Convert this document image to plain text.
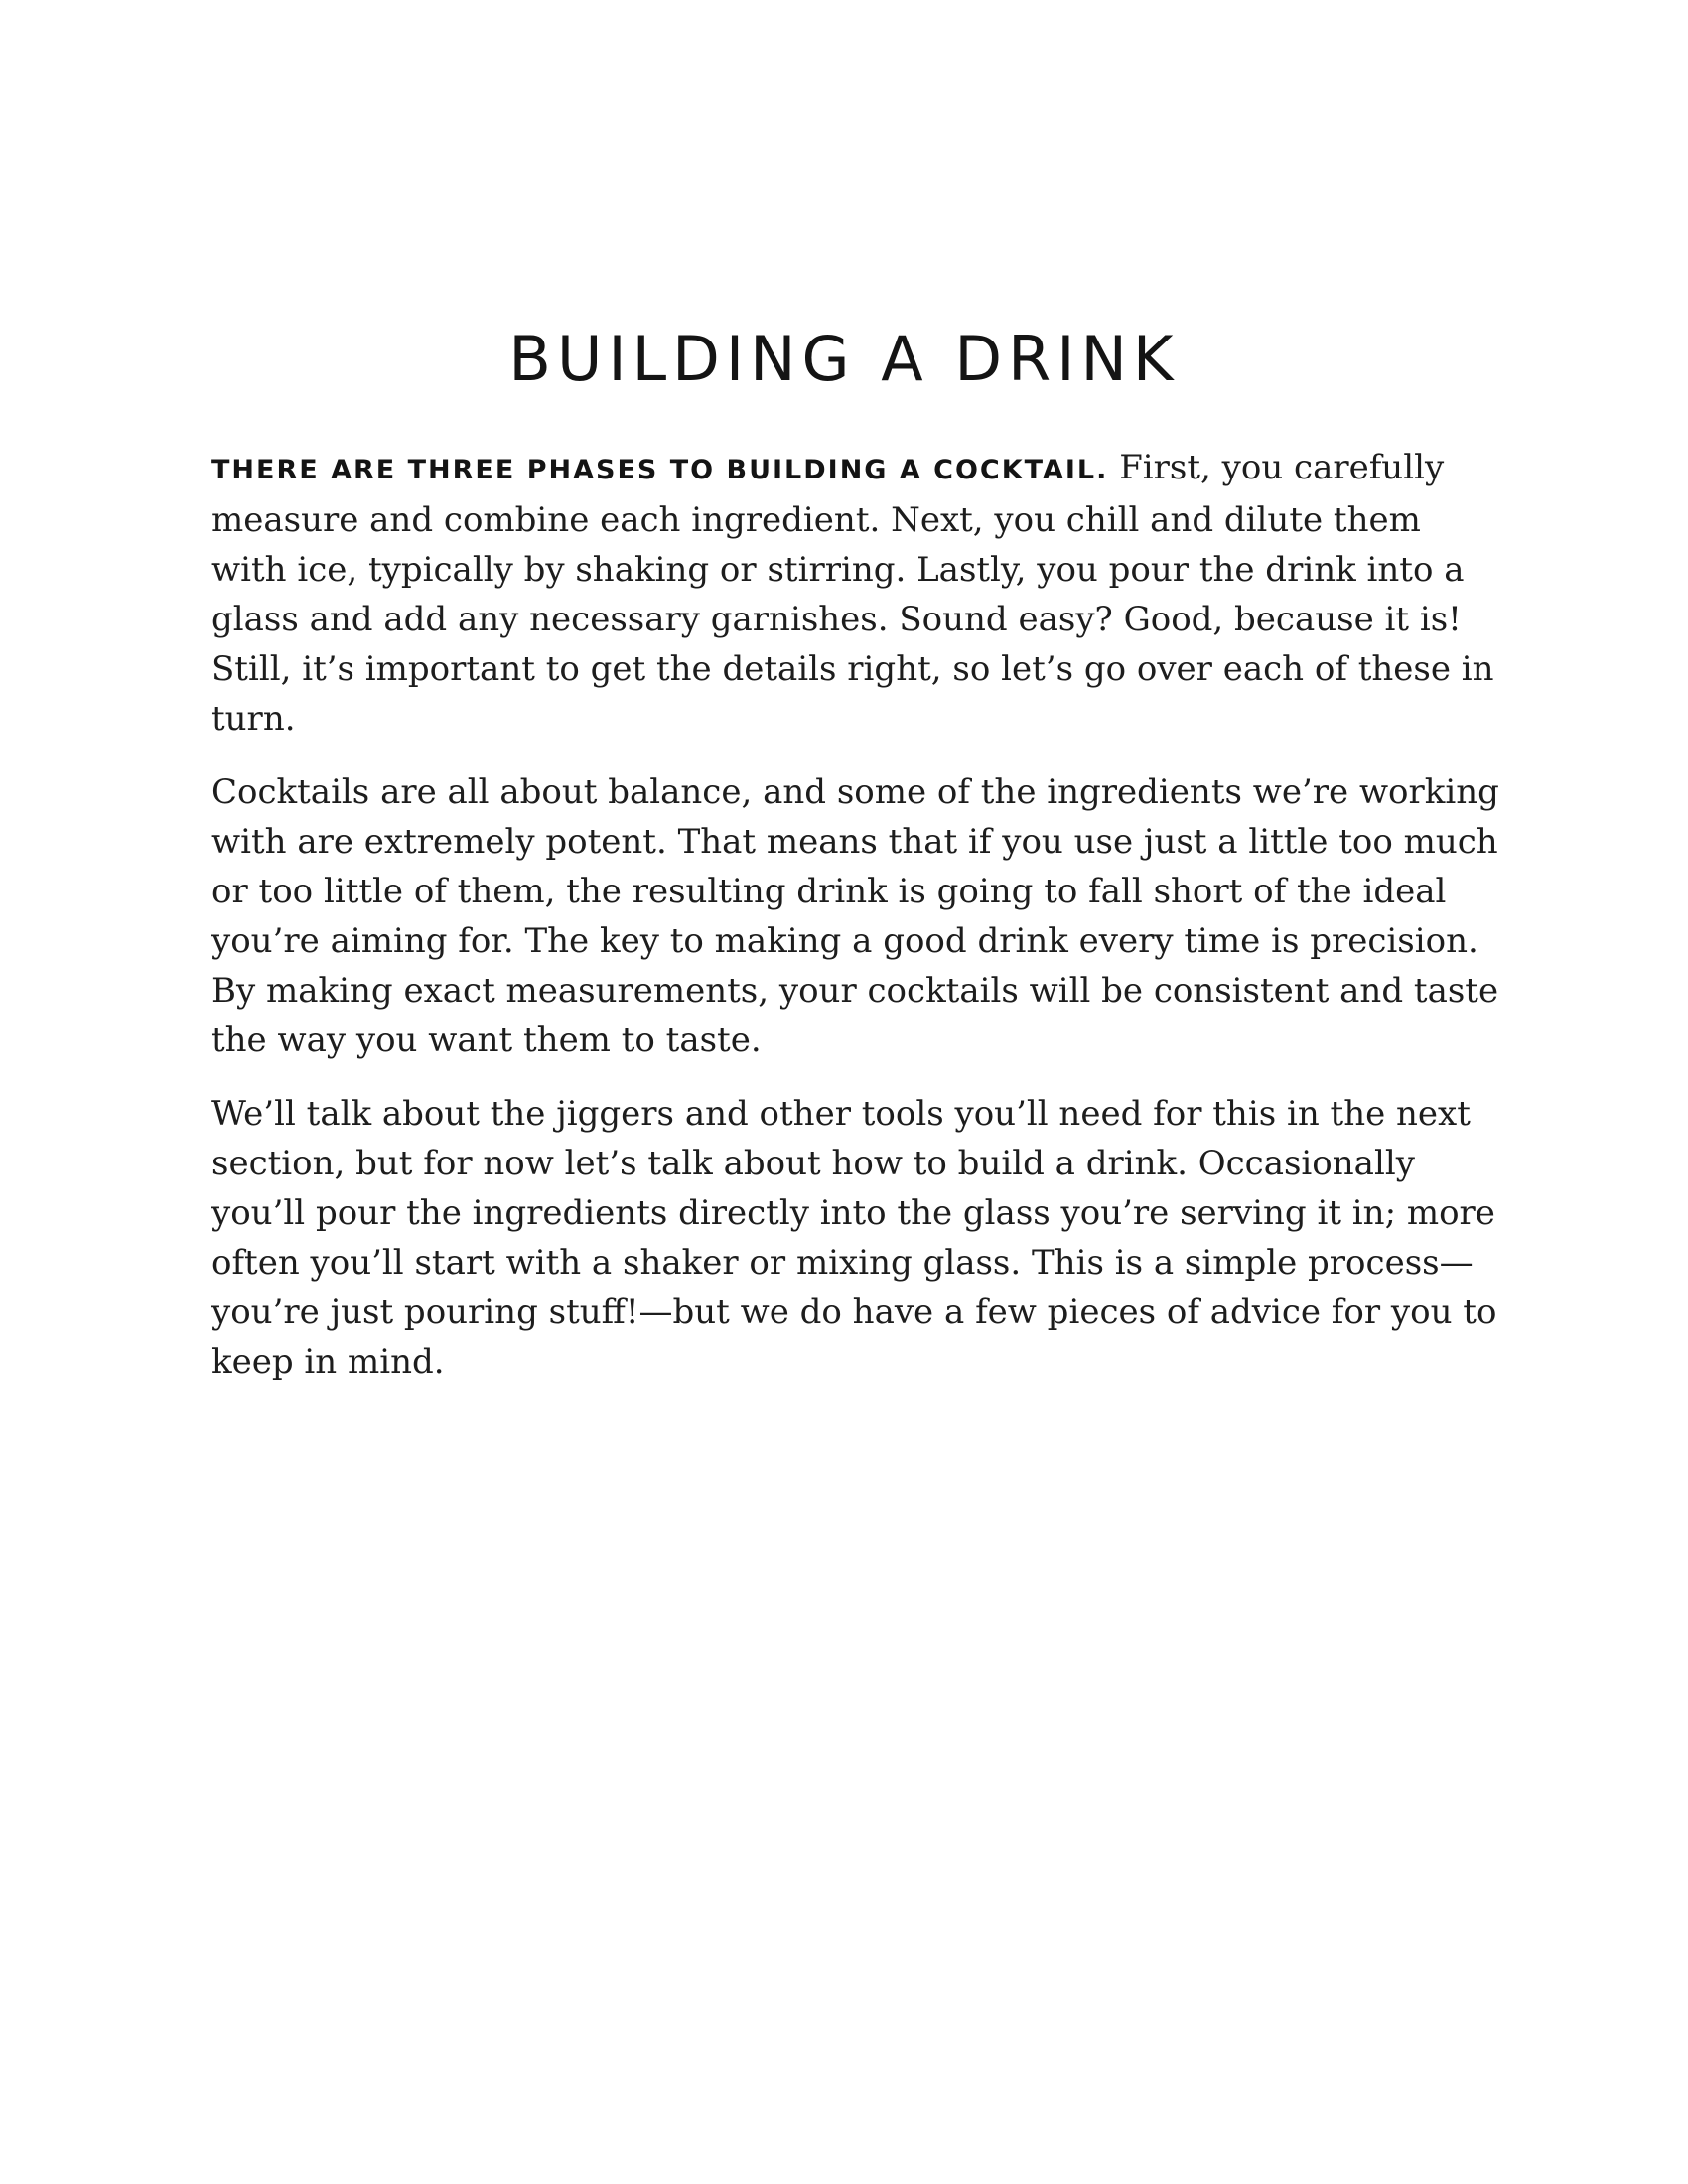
BUILDING A DRINK

THERE ARE THREE PHASES TO BUILDING A COCKTAIL. First, you carefully measure and combine each ingredient. Next, you chill and dilute them with ice, typically by shaking or stirring. Lastly, you pour the drink into a glass and add any necessary garnishes. Sound easy? Good, because it is! Still, it’s important to get the details right, so let’s go over each of these in turn.

Cocktails are all about balance, and some of the ingredients we’re working with are extremely potent. That means that if you use just a little too much or too little of them, the resulting drink is going to fall short of the ideal you’re aiming for. The key to making a good drink every time is precision. By making exact measurements, your cocktails will be consistent and taste the way you want them to taste.

We’ll talk about the jiggers and other tools you’ll need for this in the next section, but for now let’s talk about how to build a drink. Occasionally you’ll pour the ingredients directly into the glass you’re serving it in; more often you’ll start with a shaker or mixing glass. This is a simple process—you’re just pouring stuff!—but we do have a few pieces of advice for you to keep in mind.
